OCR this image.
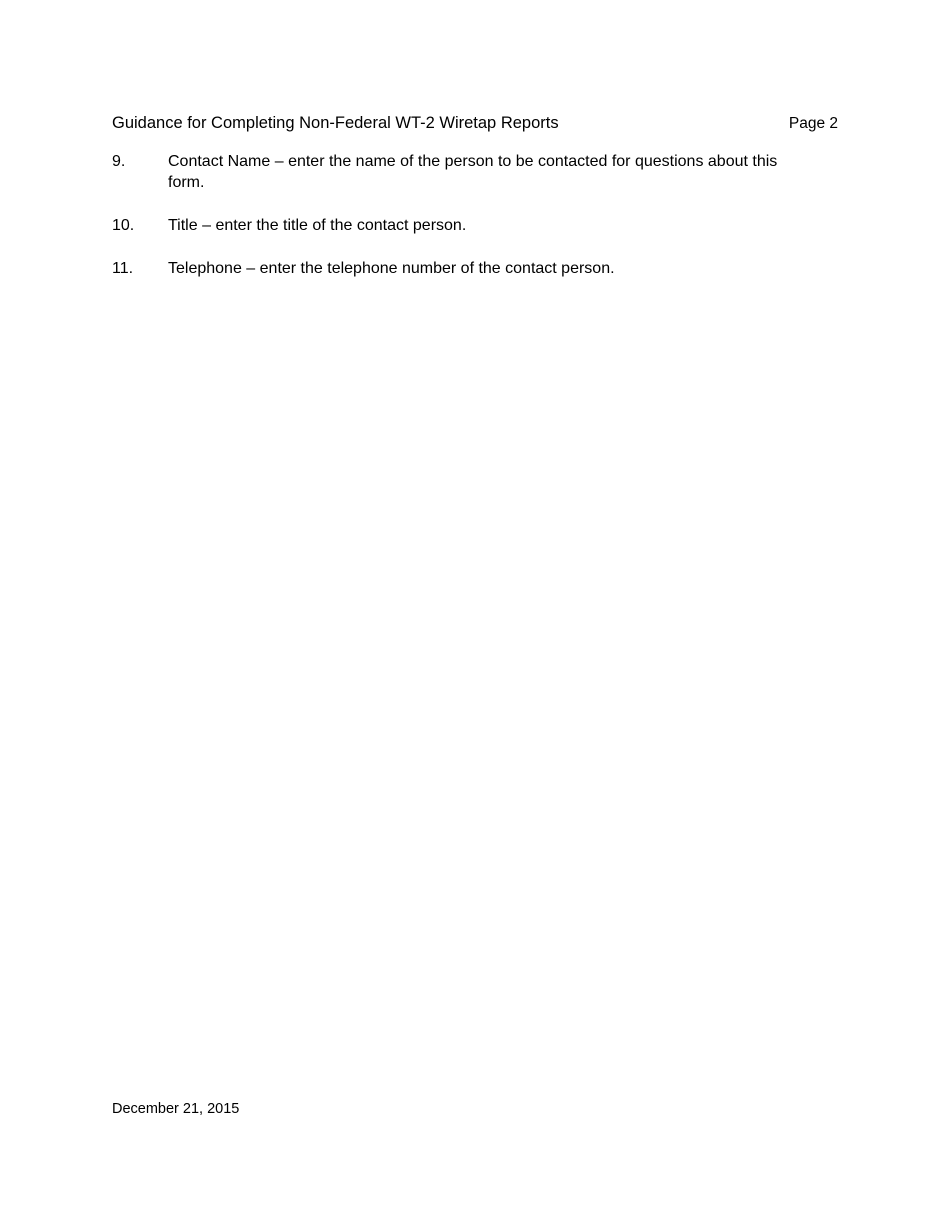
Guidance for Completing Non-Federal WT-2 Wiretap Reports	Page 2
9.	Contact Name – enter the name of the person to be contacted for questions about this form.
10.	Title – enter the title of the contact person.
11.	Telephone – enter the telephone number of the contact person.
December 21, 2015
